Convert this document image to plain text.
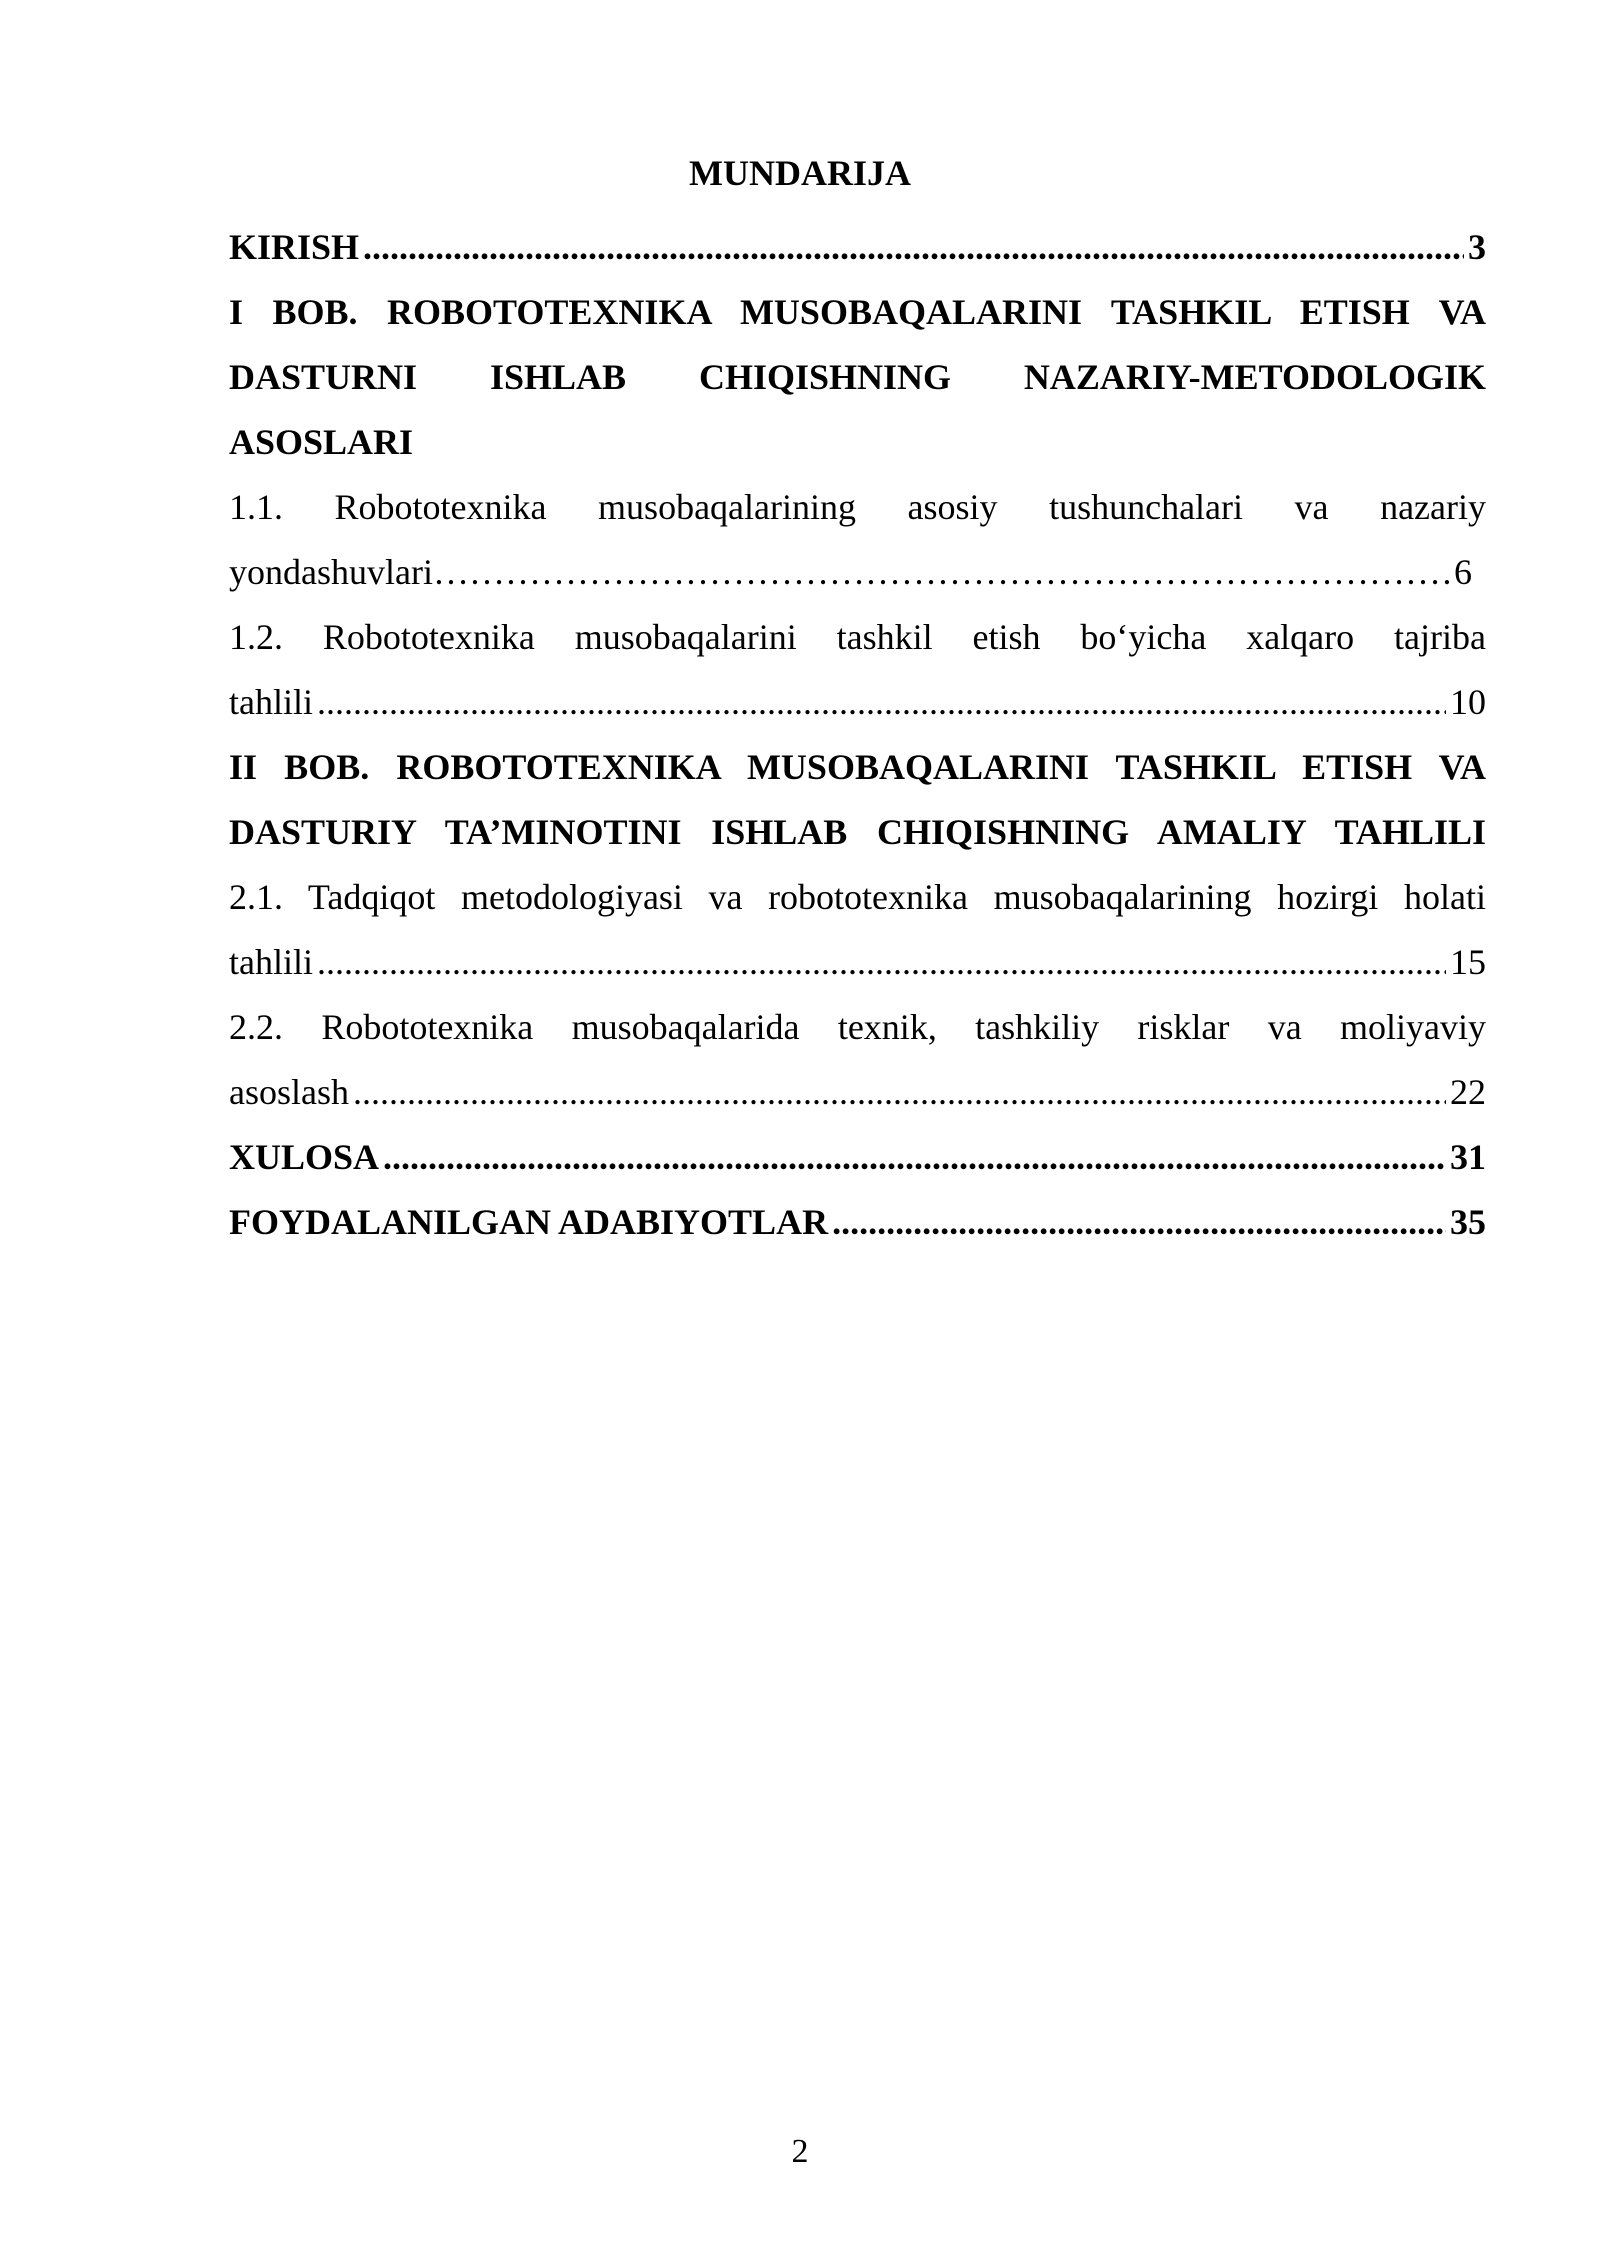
MUNDARIJA
KIRISH .....	3
I BOB. ROBOTOTEXNIKA MUSOBAQALARINI TASHKIL ETISH VA
DASTURNI ISHLAB CHIQISHNING NAZARIY-METODOLOGIK
ASOSLARI
1.1. Robototexnika musobaqalarining asosiy tushunchalari va nazariy
yondashuvlari ……………………………………………………………………………………………………………………………………………………………………………………………	6
1.2. Robototexnika musobaqalarini tashkil etish bo‘yicha xalqaro tajriba
tahlili .....	10
II BOB. ROBOTOTEXNIKA MUSOBAQALARINI TASHKIL ETISH VA
DASTURIY TA’MINOTINI ISHLAB CHIQISHNING AMALIY TAHLILI
2.1. Tadqiqot metodologiyasi va robototexnika musobaqalarining hozirgi holati
tahlili .....	15
2.2. Robototexnika musobaqalarida texnik, tashkiliy risklar va moliyaviy
asoslash .....	22
XULOSA .....	31
FOYDALANILGAN ADABIYOTLAR .....	35
2
